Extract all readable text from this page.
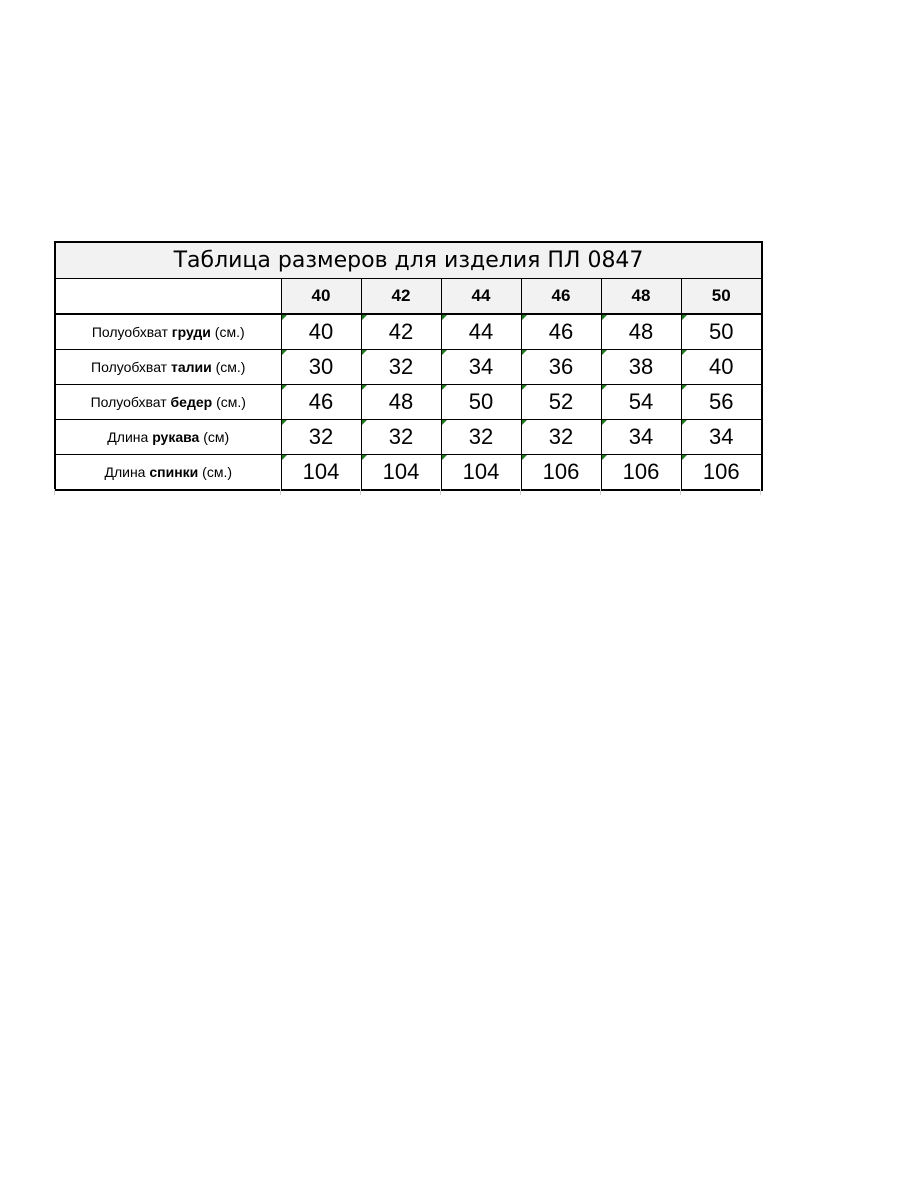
Таблица размеров для изделия ПЛ 0847						
	40	42	44	46	48	50
Полуобхват груди (см.)	40	42	44	46	48	50
Полуобхват талии (см.)	30	32	34	36	38	40
Полуобхват бедер (см.)	46	48	50	52	54	56
Длина рукава (см)	32	32	32	32	34	34
Длина спинки (см.)	104	104	104	106	106	106
